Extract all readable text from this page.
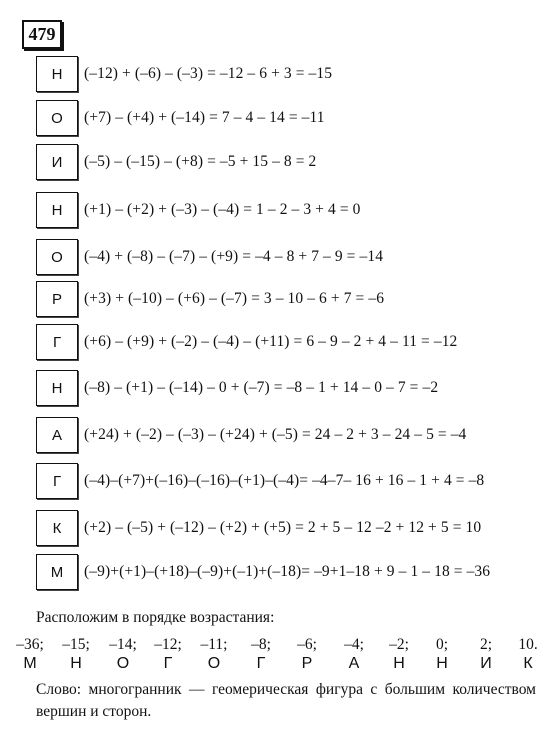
479
Н	(–12) + (–6) – (–3) = –12 – 6 + 3 = –15
О	(+7) – (+4) + (–14) = 7 – 4 – 14 = –11
И	(–5) – (–15) – (+8) = –5 + 15 – 8 = 2
Н	(+1) – (+2) + (–3) – (–4) = 1 – 2 – 3 + 4 = 0
О	(–4) + (–8) – (–7) – (+9) = –4 – 8 + 7 – 9 = –14
Р	(+3) + (–10) – (+6) – (–7) = 3 – 10 – 6 + 7 = –6
Г	(+6) – (+9) + (–2) – (–4) – (+11) = 6 – 9 – 2 + 4 – 11 = –12
Н	(–8) – (+1) – (–14) – 0 + (–7) = –8 – 1 + 14 – 0 – 7 = –2
А	(+24) + (–2) – (–3) – (+24) + (–5) = 24 – 2 + 3 – 24 – 5 = –4
Г	(–4)–(+7)+(–16)–(–16)–(+1)–(–4)= –4–7– 16 + 16 – 1 + 4 = –8
К	(+2) – (–5) + (–12) – (+2) + (+5) = 2 + 5 – 12 –2 + 12 + 5 = 10
М	(–9)+(+1)–(+18)–(–9)+(–1)+(–18)= –9+1–18 + 9 – 1 – 18 = –36
Расположим в порядке возрастания:
–36;	–15;	–14;	–12;	–11;	–8;	–6;	–4;	–2;	0;	2;	10.
М	Н	О	Г	О	Г	Р	А	Н	Н	И	К
Слово: многогранник — геомерическая фигура с большим количеством вершин и сторон.
